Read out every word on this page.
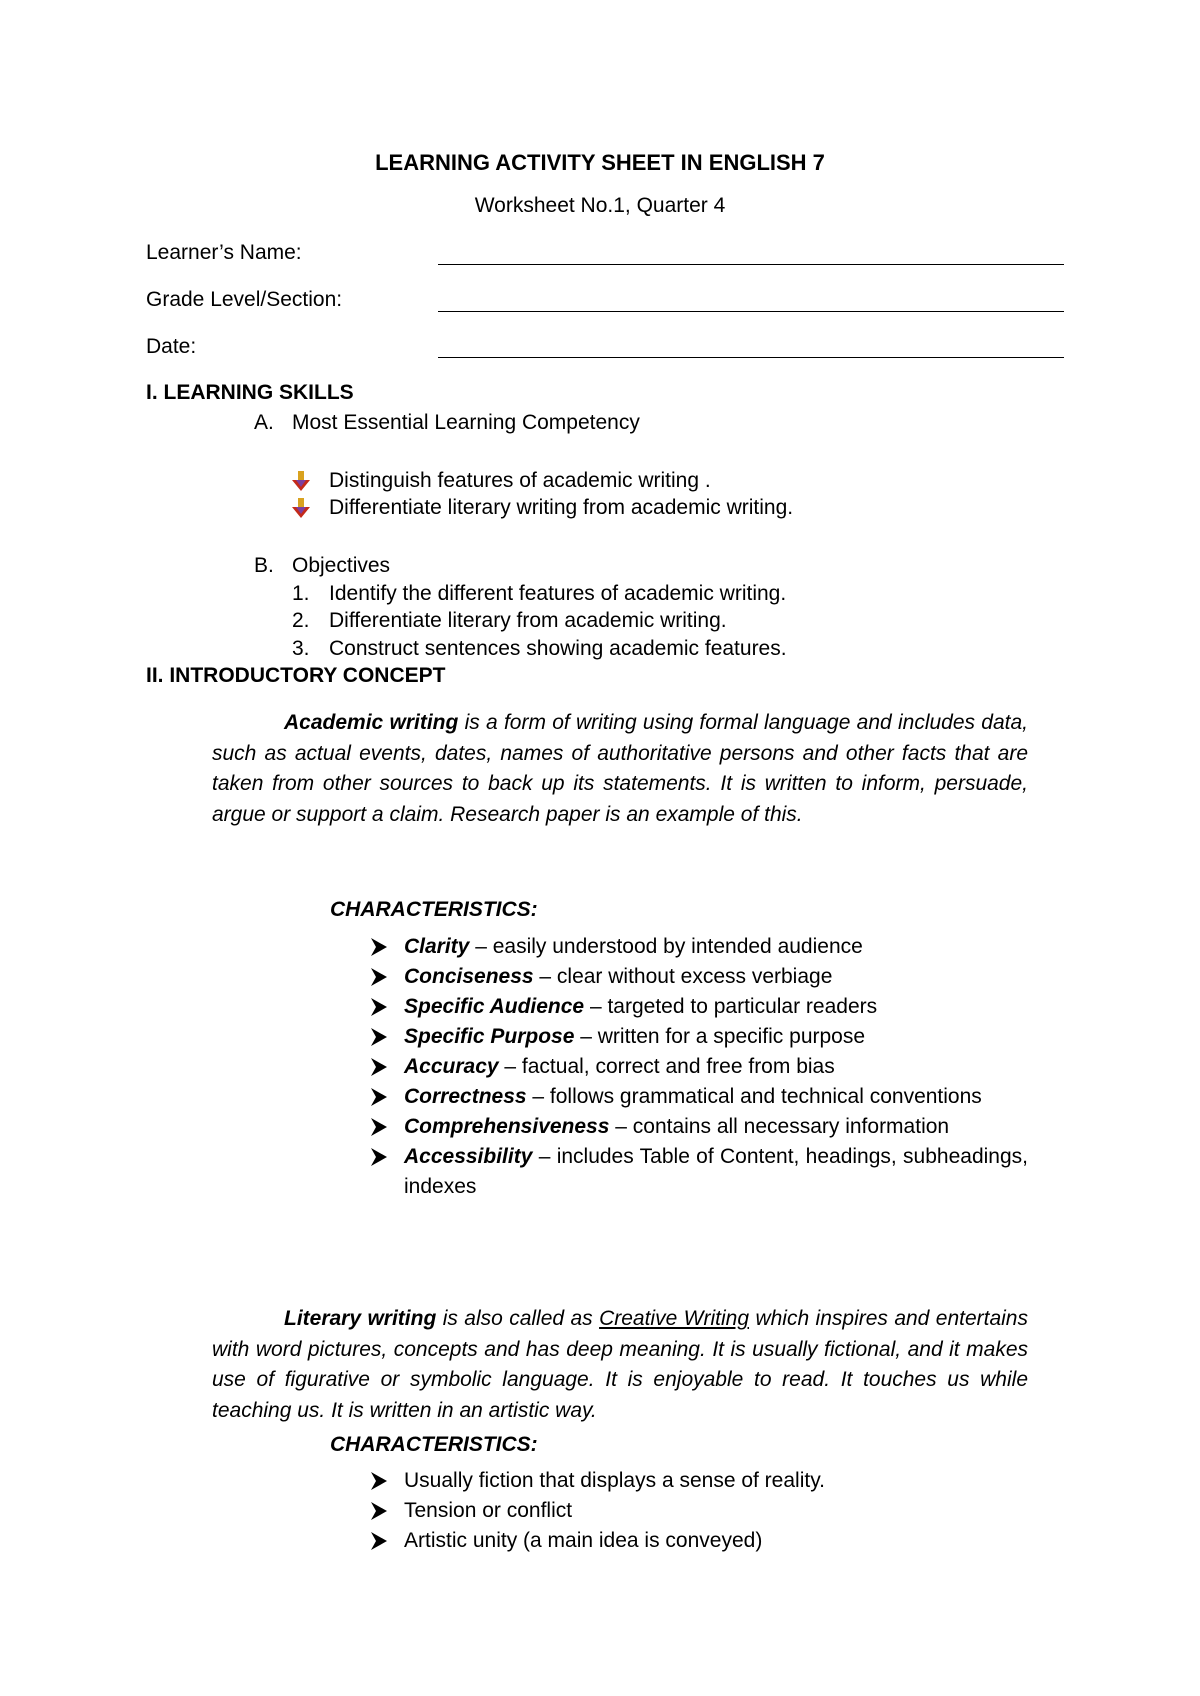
LEARNING ACTIVITY SHEET IN ENGLISH 7
Worksheet No.1, Quarter 4
Learner’s Name:
Grade Level/Section:
Date:
I. LEARNING SKILLS
A. Most Essential Learning Competency
Distinguish features of academic writing .
Differentiate literary writing from academic writing.
B. Objectives
1. Identify the different features of academic writing.
2. Differentiate literary from academic writing.
3. Construct sentences showing academic features.
II. INTRODUCTORY CONCEPT
Academic writing is a form of writing using formal language and includes data, such as actual events, dates, names of authoritative persons and other facts that are taken from other sources to back up its statements. It is written to inform, persuade, argue or support a claim. Research paper is an example of this.
CHARACTERISTICS:
Clarity – easily understood by intended audience
Conciseness – clear without excess verbiage
Specific Audience – targeted to particular readers
Specific Purpose – written for a specific purpose
Accuracy – factual, correct and free from bias
Correctness – follows grammatical and technical conventions
Comprehensiveness – contains all necessary information
Accessibility – includes Table of Content, headings, subheadings, indexes
Literary writing is also called as Creative Writing which inspires and entertains with word pictures, concepts and has deep meaning. It is usually fictional, and it makes use of figurative or symbolic language. It is enjoyable to read. It touches us while teaching us. It is written in an artistic way.
CHARACTERISTICS:
Usually fiction that displays a sense of reality.
Tension or conflict
Artistic unity (a main idea is conveyed)
